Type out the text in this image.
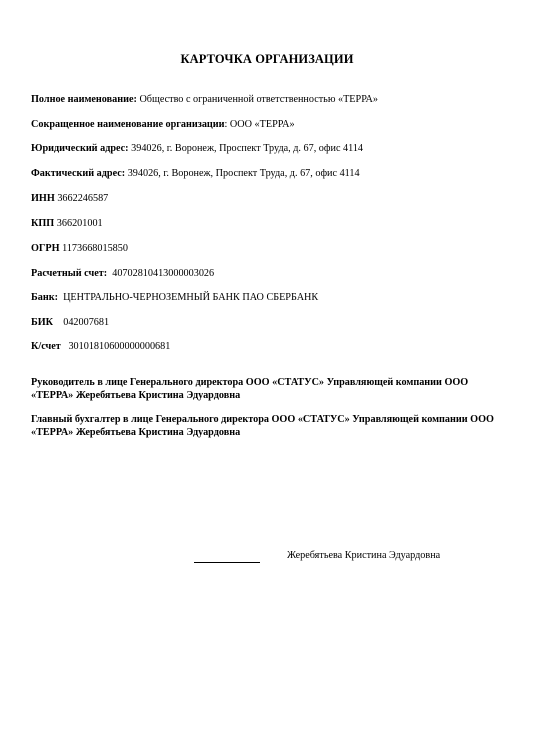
КАРТОЧКА ОРГАНИЗАЦИИ
Полное наименование: Общество с ограниченной ответственностью «ТЕРРА»
Сокращенное наименование организации: ООО «ТЕРРА»
Юридический адрес: 394026, г. Воронеж, Проспект Труда, д. 67, офис 4114
Фактический адрес: 394026, г. Воронеж, Проспект Труда, д. 67, офис 4114
ИНН 3662246587
КПП 366201001
ОГРН 1173668015850
Расчетный счет: 40702810413000003026
Банк: ЦЕНТРАЛЬНО-ЧЕРНОЗЕМНЫЙ БАНК ПАО СБЕРБАНК
БИК 042007681
К/счет 30101810600000000681
Руководитель в лице Генерального директора ООО «СТАТУС» Управляющей компании ООО «ТЕРРА» Жеребятьева Кристина Эдуардовна
Главный бухгалтер в лице Генерального директора ООО «СТАТУС» Управляющей компании ООО «ТЕРРА» Жеребятьева Кристина Эдуардовна
Жеребятьева Кристина Эдуардовна
